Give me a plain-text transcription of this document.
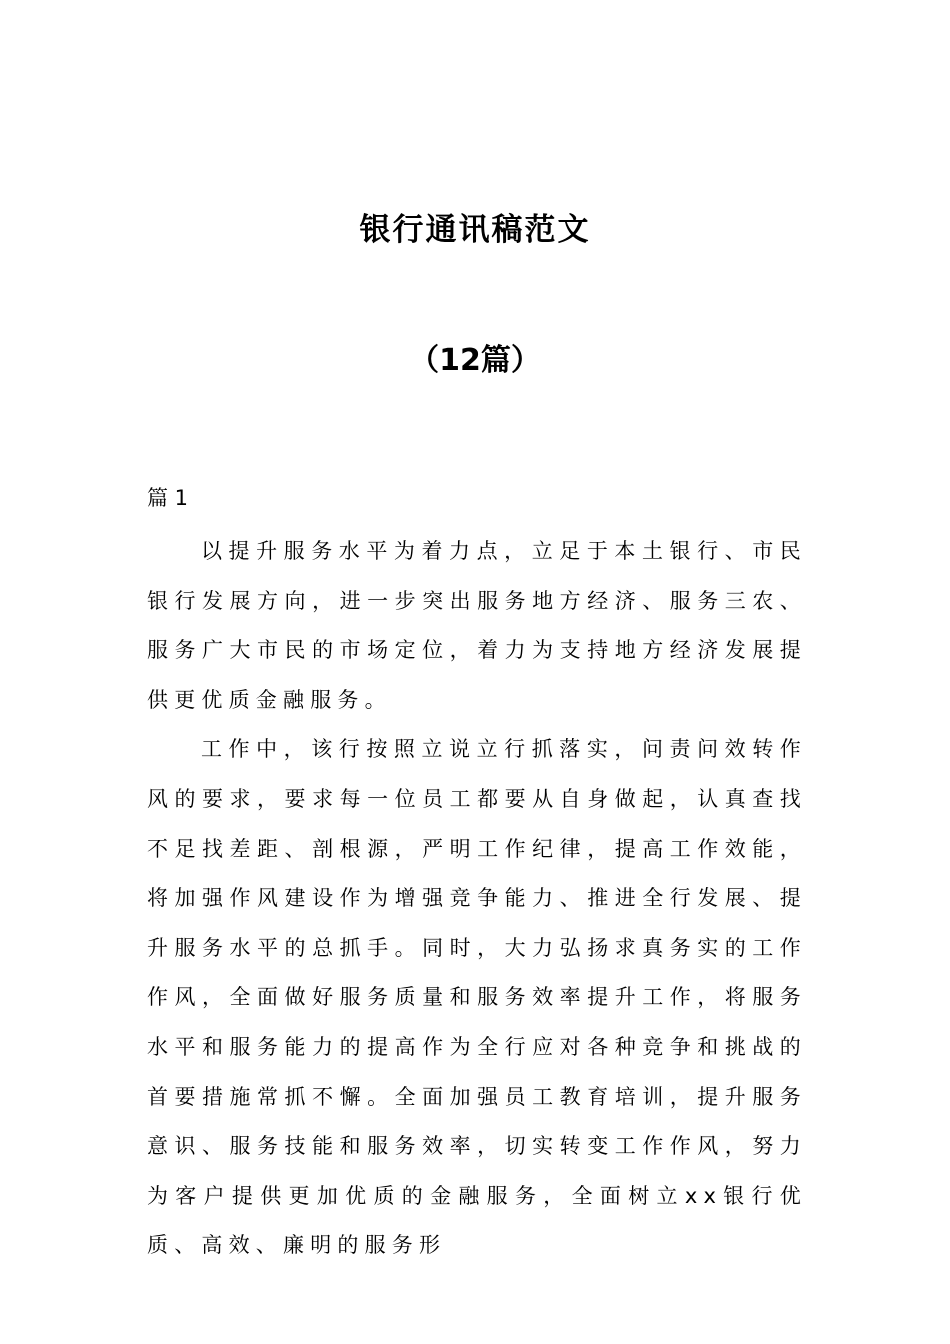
银行通讯稿范文
（12篇）
篇 1

以提升服务水平为着力点，立足于本土银行、市民银行发展方向，进一步突出服务地方经济、服务三农、服务广大市民的市场定位，着力为支持地方经济发展提供更优质金融服务。

工作中，该行按照立说立行抓落实，问责问效转作风的要求，要求每一位员工都要从自身做起，认真查找不足找差距、剖根源，严明工作纪律，提高工作效能，将加强作风建设作为增强竞争能力、推进全行发展、提升服务水平的总抓手。同时，大力弘扬求真务实的工作作风，全面做好服务质量和服务效率提升工作，将服务水平和服务能力的提高作为全行应对各种竞争和挑战的首要措施常抓不懈。全面加强员工教育培训，提升服务意识、服务技能和服务效率，切实转变工作作风，努力为客户提供更加优质的金融服务，全面树立xx银行优质、高效、廉明的服务形
